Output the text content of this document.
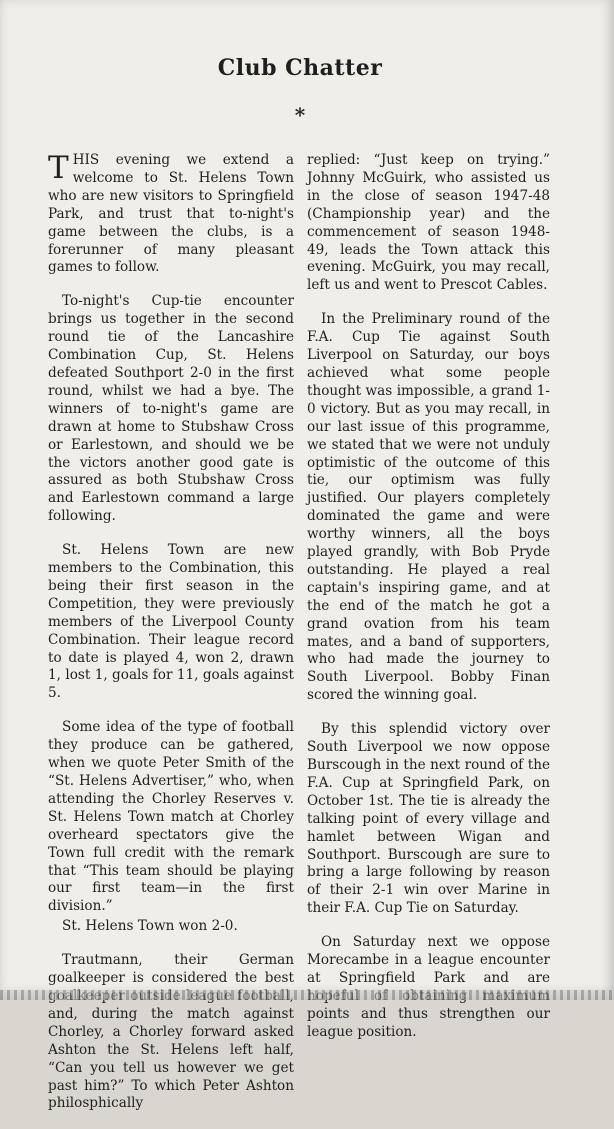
Club Chatter
*

THIS evening we extend a welcome to St. Helens Town who are new visitors to Springfield Park, and trust that to-night's game between the clubs, is a forerunner of many pleasant games to follow.

To-night's Cup-tie encounter brings us together in the second round tie of the Lancashire Combination Cup, St. Helens defeated Southport 2-0 in the first round, whilst we had a bye. The winners of to-night's game are drawn at home to Stubshaw Cross or Earlestown, and should we be the victors another good gate is assured as both Stubshaw Cross and Earlestown command a large following.

St. Helens Town are new members to the Combination, this being their first season in the Competition, they were previously members of the Liverpool County Combination. Their league record to date is played 4, won 2, drawn 1, lost 1, goals for 11, goals against 5.

Some idea of the type of football they produce can be gathered, when we quote Peter Smith of the “St. Helens Advertiser,” who, when attending the Chorley Reserves v. St. Helens Town match at Chorley overheard spectators give the Town full credit with the remark that “This team should be playing our first team—in the first division.”

St. Helens Town won 2-0.

Trautmann, their German goalkeeper is considered the best and, during the match against Chorley, a Chorley forward asked Ashton the St. Helens left half, “Can you tell us however we get past him?” To which Peter Ashton philosphically

replied: “Just keep on trying.” Johnny McGuirk, who assisted us in the close of season 1947-48 (Championship year) and the commencement of season 1948-49, leads the Town attack this evening. McGuirk, you may recall, left us and went to Prescot Cables.

In the Preliminary round of the F.A. Cup Tie against South Liverpool on Saturday, our boys achieved what some people thought was impossible, a grand 1-0 victory. But as you may recall, in our last issue of this programme, we stated that we were not unduly optimistic of the outcome of this tie, our optimism was fully justified. Our players completely dominated the game and were worthy winners, all the boys played grandly, with Bob Pryde outstanding. He played a real captain's inspiring game, and at the end of the match he got a grand ovation from his team mates, and a band of supporters, who had made the journey to South Liverpool. Bobby Finan scored the winning goal.

By this splendid victory over South Liverpool we now oppose Burscough in the next round of the F.A. Cup at Springfield Park, on October 1st. The tie is already the talking point of every village and hamlet between Wigan and Southport. Burscough are sure to bring a large following by reason of their 2-1 win over Marine in their F.A. Cup Tie on Saturday.

On Saturday next we oppose Morecambe in a league encounter at Springfield Park and are points and thus strengthen our league position.
